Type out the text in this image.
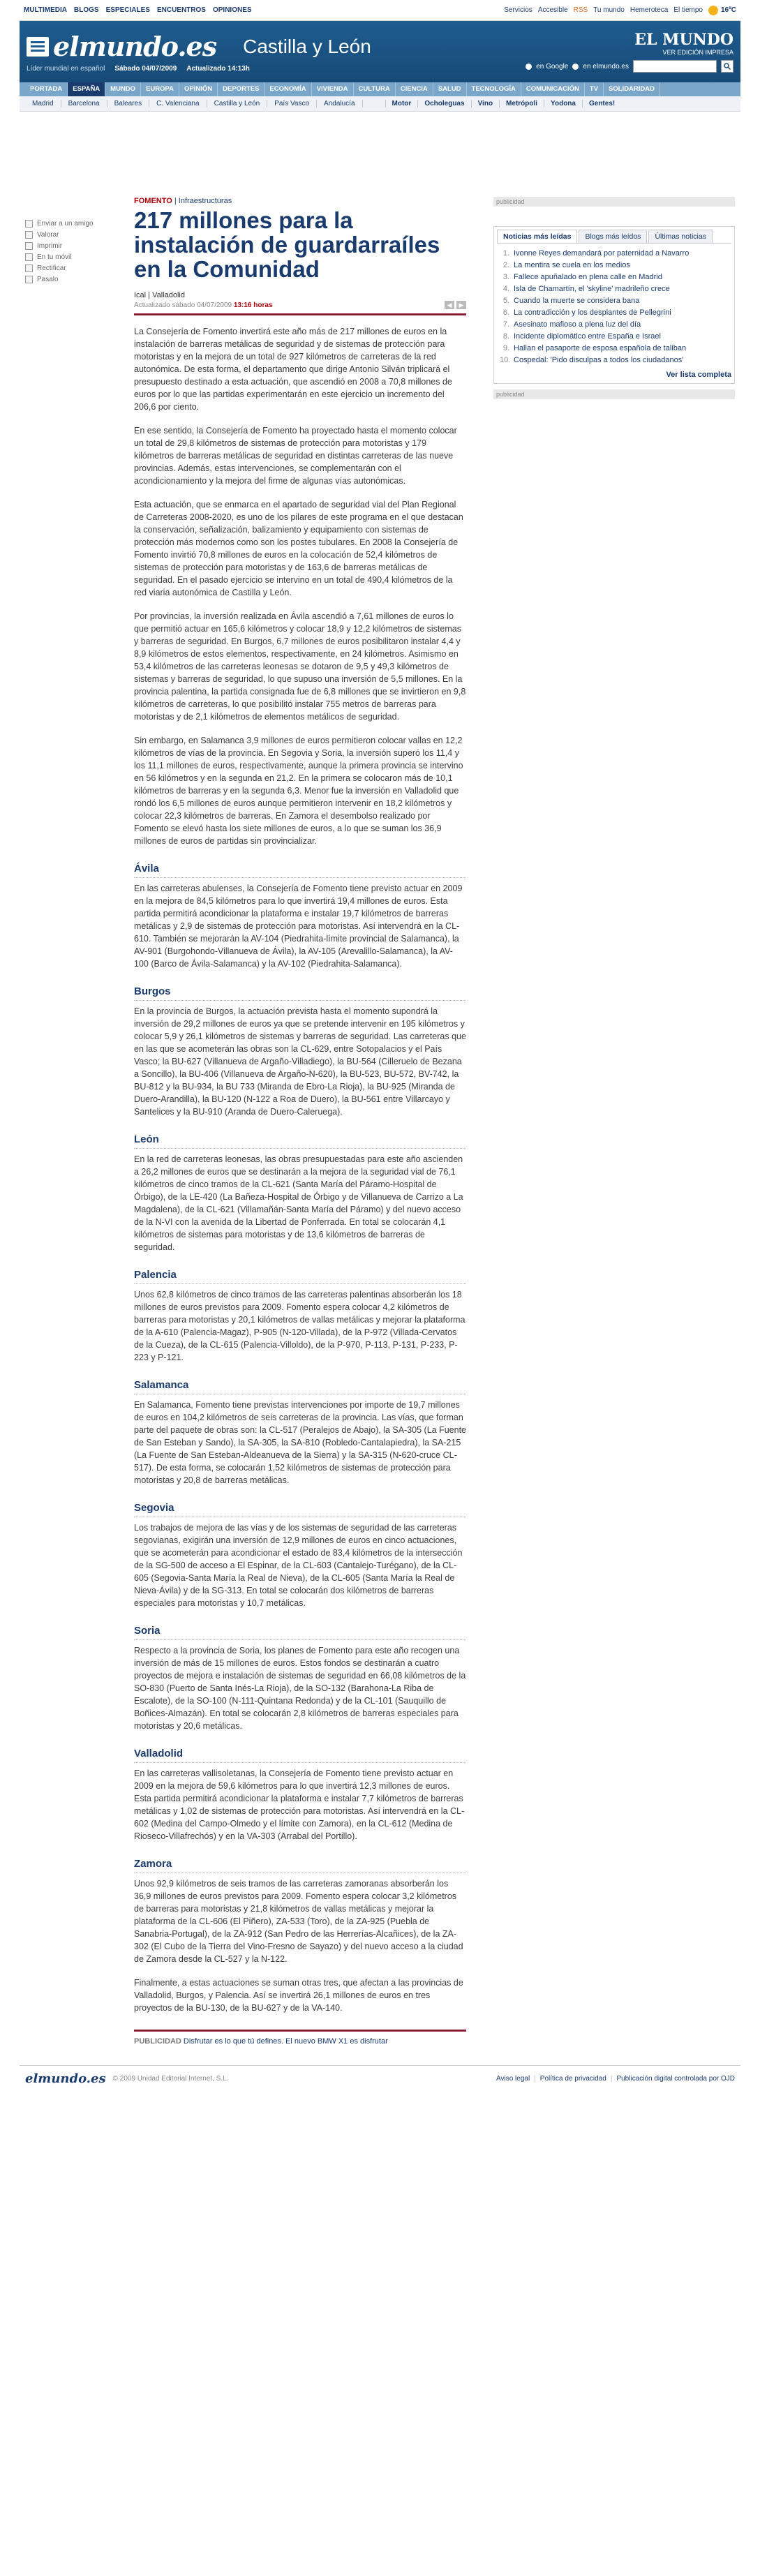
MULTIMEDIA BLOGS ESPECIALES ENCUENTROS OPINIONES	Servicios Accesible RSS Tu mundo Hemeroteca El tiempo	16ºC
elmundo.es Castilla y León
Líder mundial en español Sábado 04/07/2009 Actualizado 14:13h
EL MUNDO
VER EDICIÓN IMPRESA
en Google en elmundo.es
PORTADA	ESPAÑA	MUNDO	EUROPA	OPINIÓN	DEPORTES	ECONOMÍA	VIVIENDA	CULTURA	CIENCIA	SALUD	TECNOLOGÍA	COMUNICACIÓN	TV	SOLIDARIDAD
Madrid	Barcelona	Baleares	C. Valenciana	Castilla y León	País Vasco	Andalucía	Motor	Ocholeguas	Vino	Metrópoli	Yodona	Gentes!
Enviar a un amigo
Valorar
Imprimir
En tu móvil
Rectificar
Pasalo
FOMENTO | Infraestructuras
217 millones para la instalación de guardarraíles en la Comunidad
Ical | Valladolid
Actualizado sábado 04/07/2009 13:16 horas	◀	▶

La Consejería de Fomento invertirá este año más de 217 millones de euros en la instalación de barreras metálicas de seguridad y de sistemas de protección para motoristas y en la mejora de un total de 927 kilómetros de carreteras de la red autonómica. De esta forma, el departamento que dirige Antonio Silván triplicará el presupuesto destinado a esta actuación, que ascendió en 2008 a 70,8 millones de euros por lo que las partidas experimentarán en este ejercicio un incremento del 206,6 por ciento.

En ese sentido, la Consejería de Fomento ha proyectado hasta el momento colocar un total de 29,8 kilómetros de sistemas de protección para motoristas y 179 kilómetros de barreras metálicas de seguridad en distintas carreteras de las nueve provincias. Además, estas intervenciones, se complementarán con el acondicionamiento y la mejora del firme de algunas vías autonómicas.

Esta actuación, que se enmarca en el apartado de seguridad vial del Plan Regional de Carreteras 2008-2020, es uno de los pilares de este programa en el que destacan la conservación, señalización, balizamiento y equipamiento con sistemas de protección más modernos como son los postes tubulares. En 2008 la Consejería de Fomento invirtió 70,8 millones de euros en la colocación de 52,4 kilómetros de sistemas de protección para motoristas y de 163,6 de barreras metálicas de seguridad. En el pasado ejercicio se intervino en un total de 490,4 kilómetros de la red viaria autonómica de Castilla y León.

Por provincias, la inversión realizada en Ávila ascendió a 7,61 millones de euros lo que permitió actuar en 165,6 kilómetros y colocar 18,9 y 12,2 kilómetros de sistemas y barreras de seguridad. En Burgos, 6,7 millones de euros posibilitaron instalar 4,4 y 8,9 kilómetros de estos elementos, respectivamente, en 24 kilómetros. Asimismo en 53,4 kilómetros de las carreteras leonesas se dotaron de 9,5 y 49,3 kilómetros de sistemas y barreras de seguridad, lo que supuso una inversión de 5,5 millones. En la provincia palentina, la partida consignada fue de 6,8 millones que se invirtieron en 9,8 kilómetros de carreteras, lo que posibilitó instalar 755 metros de barreras para motoristas y de 2,1 kilómetros de elementos metálicos de seguridad.

Sin embargo, en Salamanca 3,9 millones de euros permitieron colocar vallas en 12,2 kilómetros de vías de la provincia. En Segovia y Soria, la inversión superó los 11,4 y los 11,1 millones de euros, respectivamente, aunque la primera provincia se intervino en 56 kilómetros y en la segunda en 21,2. En la primera se colocaron más de 10,1 kilómetros de barreras y en la segunda 6,3. Menor fue la inversión en Valladolid que rondó los 6,5 millones de euros aunque permitieron intervenir en 18,2 kilómetros y colocar 22,3 kilómetros de barreras. En Zamora el desembolso realizado por Fomento se elevó hasta los siete millones de euros, a lo que se suman los 36,9 millones de euros de partidas sin provincializar.

Ávila

En las carreteras abulenses, la Consejería de Fomento tiene previsto actuar en 2009 en la mejora de 84,5 kilómetros para lo que invertirá 19,4 millones de euros. Esta partida permitirá acondicionar la plataforma e instalar 19,7 kilómetros de barreras metálicas y 2,9 de sistemas de protección para motoristas. Así intervendrá en la CL-610. También se mejorarán la AV-104 (Piedrahita-límite provincial de Salamanca), la AV-901 (Burgohondo-Villanueva de Ávila), la AV-105 (Arevalillo-Salamanca), la AV-100 (Barco de Ávila-Salamanca) y la AV-102 (Piedrahita-Salamanca).

Burgos

En la provincia de Burgos, la actuación prevista hasta el momento supondrá la inversión de 29,2 millones de euros ya que se pretende intervenir en 195 kilómetros y colocar 5,9 y 26,1 kilómetros de sistemas y barreras de seguridad. Las carreteras que en las que se acometerán las obras son la CL-629, entre Sotopalacios y el País Vasco; la BU-627 (Villanueva de Argaño-Villadiego), la BU-564 (Cilleruelo de Bezana a Soncillo), la BU-406 (Villanueva de Argaño-N-620), la BU-523, BU-572, BV-742, la BU-812 y la BU-934, la BU 733 (Miranda de Ebro-La Rioja), la BU-925 (Miranda de Duero-Arandilla), la BU-120 (N-122 a Roa de Duero), la BU-561 entre Villarcayo y Santelices y la BU-910 (Aranda de Duero-Caleruega).

León

En la red de carreteras leonesas, las obras presupuestadas para este año ascienden a 26,2 millones de euros que se destinarán a la mejora de la seguridad vial de 76,1 kilómetros de cinco tramos de la CL-621 (Santa María del Páramo-Hospital de Órbigo), de la LE-420 (La Bañeza-Hospital de Órbigo y de Villanueva de Carrizo a La Magdalena), de la CL-621 (Villamañán-Santa María del Páramo) y del nuevo acceso de la N-VI con la avenida de la Libertad de Ponferrada. En total se colocarán 4,1 kilómetros de sistemas para motoristas y de 13,6 kilómetros de barreras de seguridad.

Palencia

Unos 62,8 kilómetros de cinco tramos de las carreteras palentinas absorberán los 18 millones de euros previstos para 2009. Fomento espera colocar 4,2 kilómetros de barreras para motoristas y 20,1 kilómetros de vallas metálicas y mejorar la plataforma de la A-610 (Palencia-Magaz), P-905 (N-120-Villada), de la P-972 (Villada-Cervatos de la Cueza), de la CL-615 (Palencia-Villoldo), de la P-970, P-113, P-131, P-233, P-223 y P-121.

Salamanca

En Salamanca, Fomento tiene previstas intervenciones por importe de 19,7 millones de euros en 104,2 kilómetros de seis carreteras de la provincia. Las vías, que forman parte del paquete de obras son: la CL-517 (Peralejos de Abajo), la SA-305 (La Fuente de San Esteban y Sando), la SA-305, la SA-810 (Robledo-Cantalapiedra), la SA-215 (La Fuente de San Esteban-Aldeanueva de la Sierra) y la SA-315 (N-620-cruce CL-517). De esta forma, se colocarán 1,52 kilómetros de sistemas de protección para motoristas y 20,8 de barreras metálicas.

Segovia

Los trabajos de mejora de las vías y de los sistemas de seguridad de las carreteras segovianas, exigirán una inversión de 12,9 millones de euros en cinco actuaciones, que se acometerán para acondicionar el estado de 83,4 kilómetros de la intersección de la SG-500 de acceso a El Espinar, de la CL-603 (Cantalejo-Turégano), de la CL-605 (Segovia-Santa María la Real de Nieva), de la CL-605 (Santa María la Real de Nieva-Ávila) y de la SG-313. En total se colocarán dos kilómetros de barreras especiales para motoristas y 10,7 metálicas.

Soria

Respecto a la provincia de Soria, los planes de Fomento para este año recogen una inversión de más de 15 millones de euros. Estos fondos se destinarán a cuatro proyectos de mejora e instalación de sistemas de seguridad en 66,08 kilómetros de la SO-830 (Puerto de Santa Inés-La Rioja), de la SO-132 (Barahona-La Riba de Escalote), de la SO-100 (N-111-Quintana Redonda) y de la CL-101 (Sauquillo de Boñices-Almazán). En total se colocarán 2,8 kilómetros de barreras especiales para motoristas y 20,6 metálicas.

Valladolid

En las carreteras vallisoletanas, la Consejería de Fomento tiene previsto actuar en 2009 en la mejora de 59,6 kilómetros para lo que invertirá 12,3 millones de euros. Esta partida permitirá acondicionar la plataforma e instalar 7,7 kilómetros de barreras metálicas y 1,02 de sistemas de protección para motoristas. Así intervendrá en la CL-602 (Medina del Campo-Olmedo y el límite con Zamora), en la CL-612 (Medina de Rioseco-Villafrechós) y en la VA-303 (Arrabal del Portillo).

Zamora

Unos 92,9 kilómetros de seis tramos de las carreteras zamoranas absorberán los 36,9 millones de euros previstos para 2009. Fomento espera colocar 3,2 kilómetros de barreras para motoristas y 21,8 kilómetros de vallas metálicas y mejorar la plataforma de la CL-606 (El Piñero), ZA-533 (Toro), de la ZA-925 (Puebla de Sanabria-Portugal), de la ZA-912 (San Pedro de las Herrerías-Alcañices), de la ZA-302 (El Cubo de la Tierra del Vino-Fresno de Sayazo) y del nuevo acceso a la ciudad de Zamora desde la CL-527 y la N-122.

Finalmente, a estas actuaciones se suman otras tres, que afectan a las provincias de Valladolid, Burgos, y Palencia. Así se invertirá 26,1 millones de euros en tres proyectos de la BU-130, de la BU-627 y de la VA-140.

PUBLICIDAD Disfrutar es lo que tú defines. El nuevo BMW X1 es disfrutar
publicidad
Noticias más leídas	Blogs más leídos	Últimas noticias
1. Ivonne Reyes demandará por paternidad a Navarro
2. La mentira se cuela en los medios
3. Fallece apuñalado en plena calle en Madrid
4. Isla de Chamartín, el 'skyline' madrileño crece
5. Cuando la muerte se considera bana
6. La contradicción y los desplantes de Pellegrini
7. Asesinato mafioso a plena luz del día
8. Incidente diplomático entre España e Israel
9. Hallan el pasaporte de esposa española de taliban
10. Cospedal: 'Pido disculpas a todos los ciudadanos'
Ver lista completa
publicidad
elmundo.es © 2009 Unidad Editorial Internet, S.L.	Aviso legal | Política de privacidad | Publicación digital controlada por OJD
